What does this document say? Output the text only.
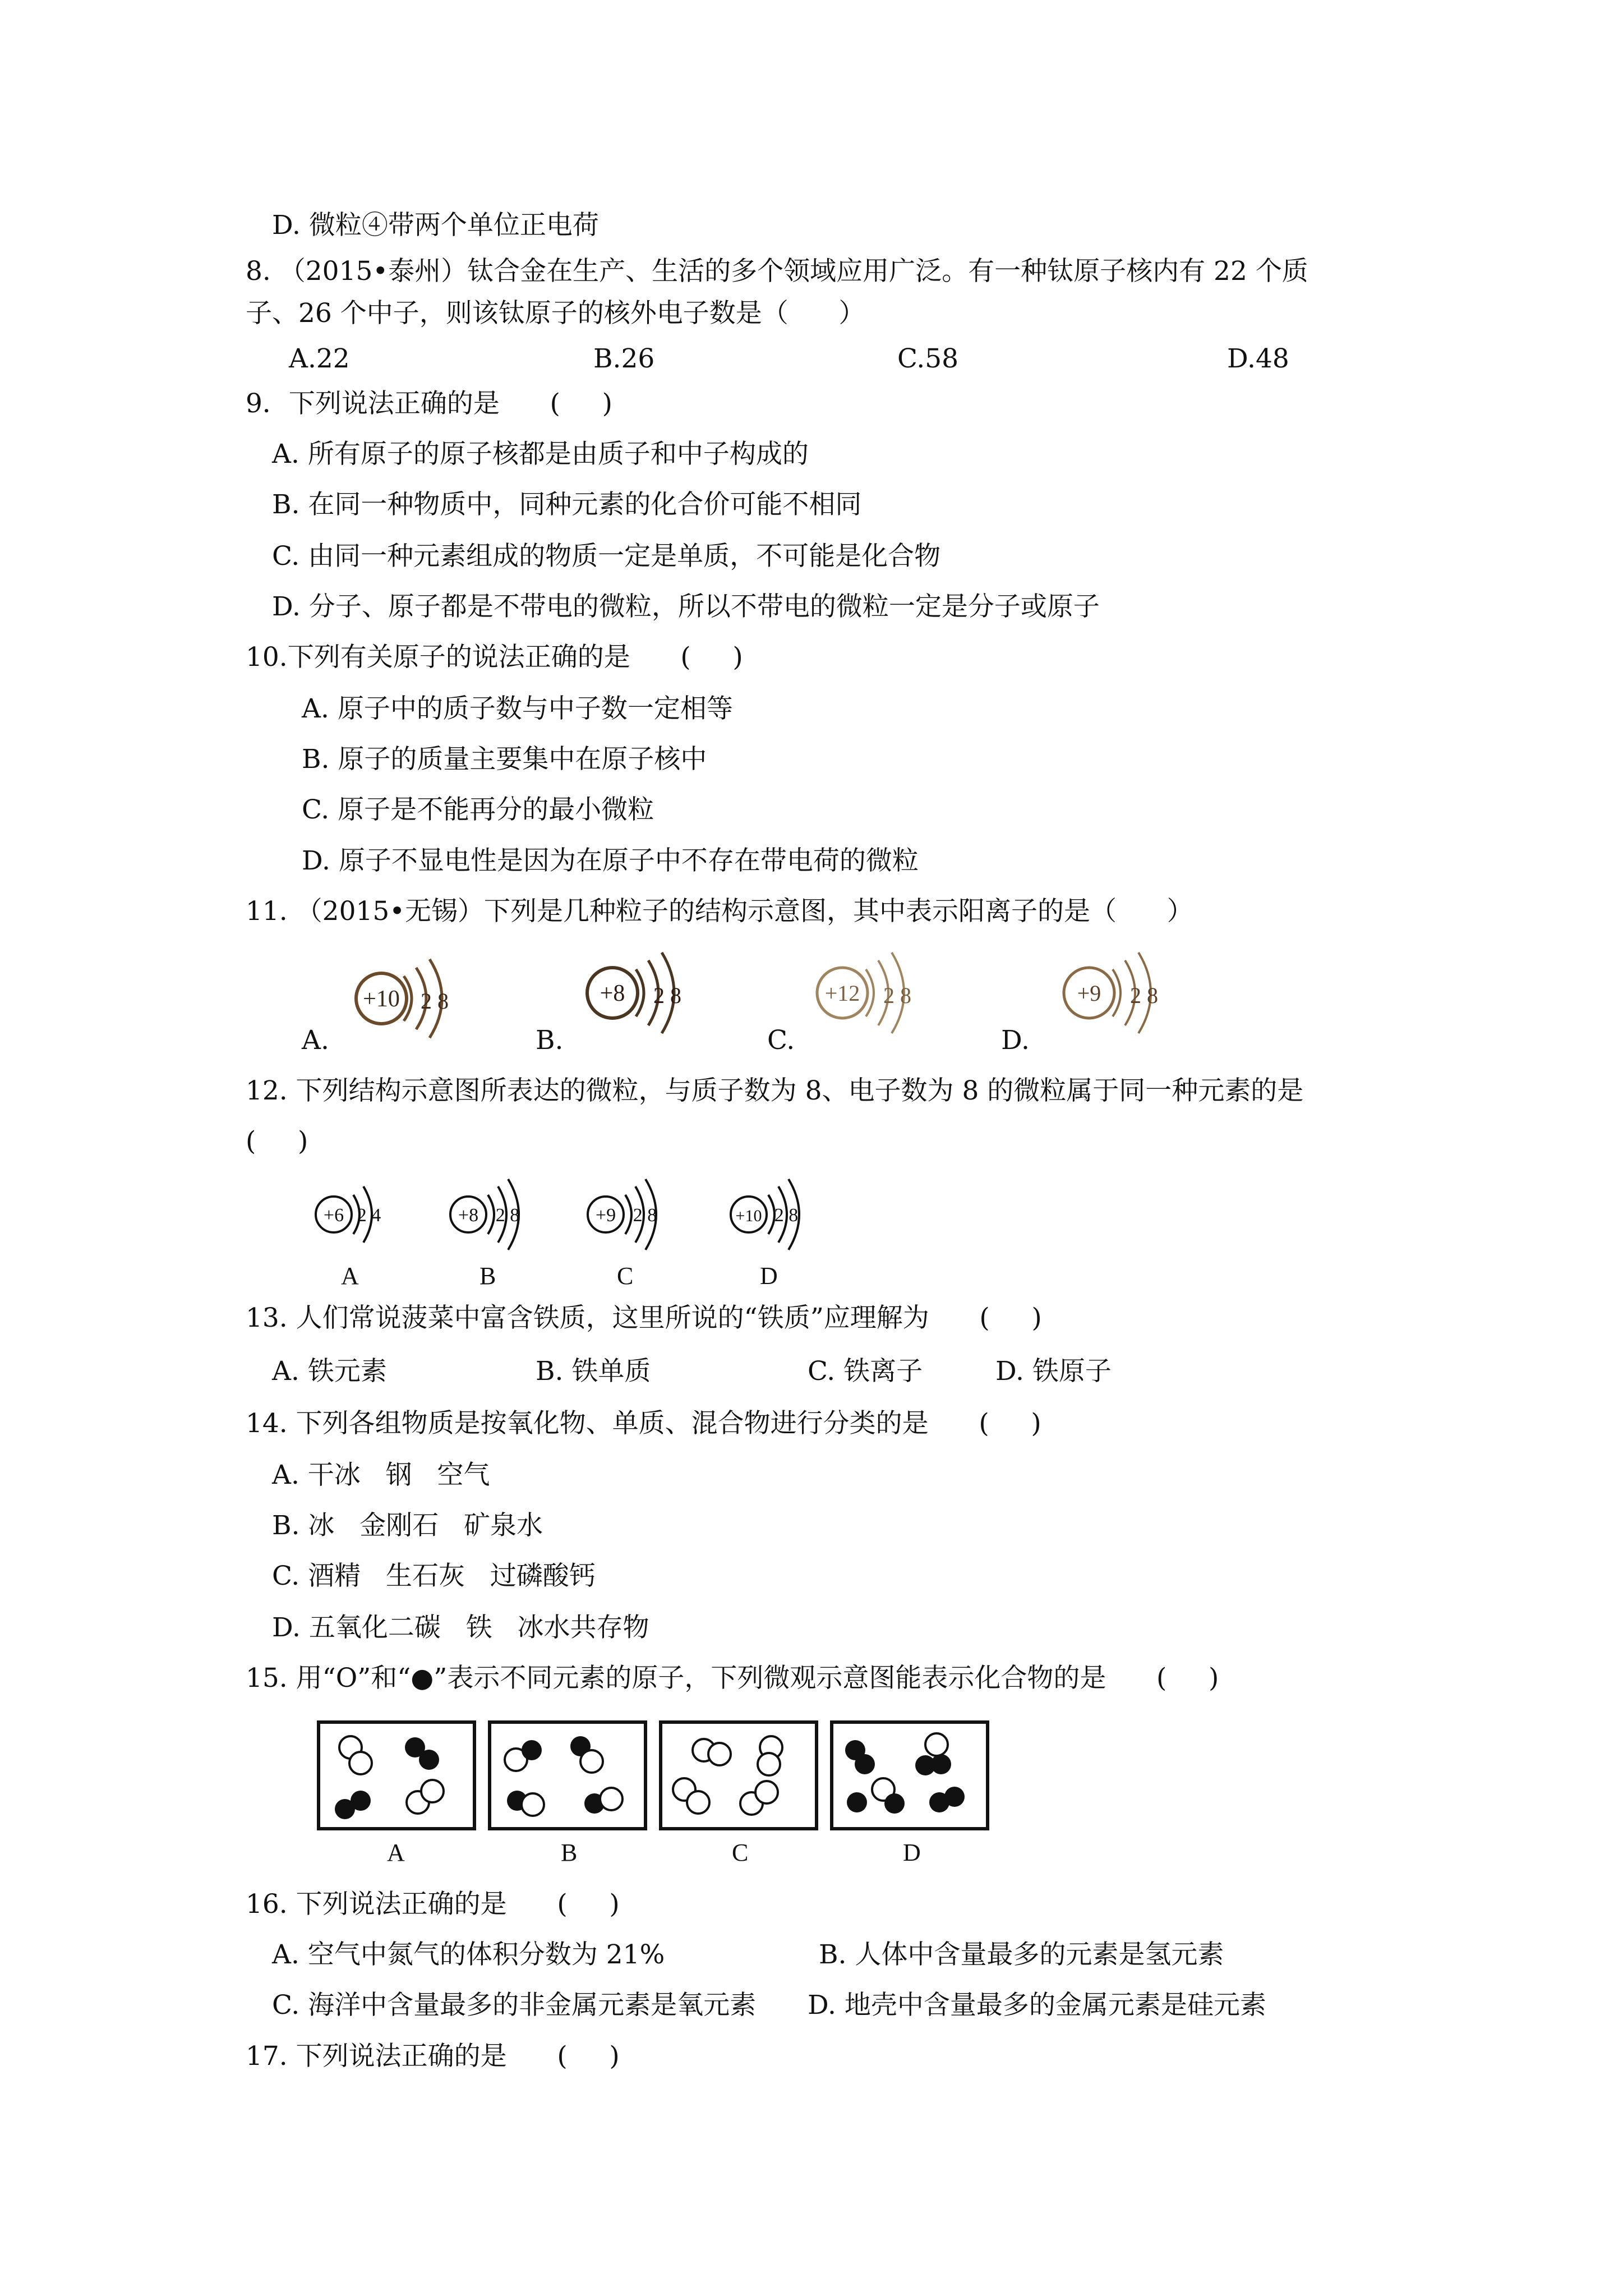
D. 微粒④带两个单位正电荷
8. （2015•泰州）钛合金在生产、生活的多个领域应用广泛。有一种钛原子核内有 22 个质
子、26 个中子，则该钛原子的核外电子数是（      ）
A.22	B.26	C.58	D.48
9．下列说法正确的是      (     )
A. 所有原子的原子核都是由质子和中子构成的
B. 在同一种物质中，同种元素的化合价可能不相同
C. 由同一种元素组成的物质一定是单质，不可能是化合物
D. 分子、原子都是不带电的微粒，所以不带电的微粒一定是分子或原子
10.下列有关原子的说法正确的是      (     )
A. 原子中的质子数与中子数一定相等
B. 原子的质量主要集中在原子核中
C. 原子是不能再分的最小微粒
D. 原子不显电性是因为在原子中不存在带电荷的微粒
11. （2015•无锡）下列是几种粒子的结构示意图，其中表示阳离子的是（      ）
A.	B.	C.	D.
+10 2 8	+8 2 8	+12 2 8	+9 2 8
12. 下列结构示意图所表达的微粒，与质子数为 8、电子数为 8 的微粒属于同一种元素的是
(     )
+6 2 4	+8 2 8	+9 2 8	+10 2 8
A	B	C	D
13. 人们常说菠菜中富含铁质，这里所说的“铁质”应理解为      (     )
A. 铁元素	B. 铁单质	C. 铁离子	D. 铁原子
14. 下列各组物质是按氧化物、单质、混合物进行分类的是      (     )
A. 干冰   钢   空气
B. 冰   金刚石   矿泉水
C. 酒精   生石灰   过磷酸钙
D. 五氧化二碳   铁   冰水共存物
15. 用“O”和“●”表示不同元素的原子，下列微观示意图能表示化合物的是      (     )
A	B	C	D
16. 下列说法正确的是      (     )
A. 空气中氮气的体积分数为 21%	B. 人体中含量最多的元素是氢元素
C. 海洋中含量最多的非金属元素是氧元素 D. 地壳中含量最多的金属元素是硅元素
17. 下列说法正确的是      (     )
